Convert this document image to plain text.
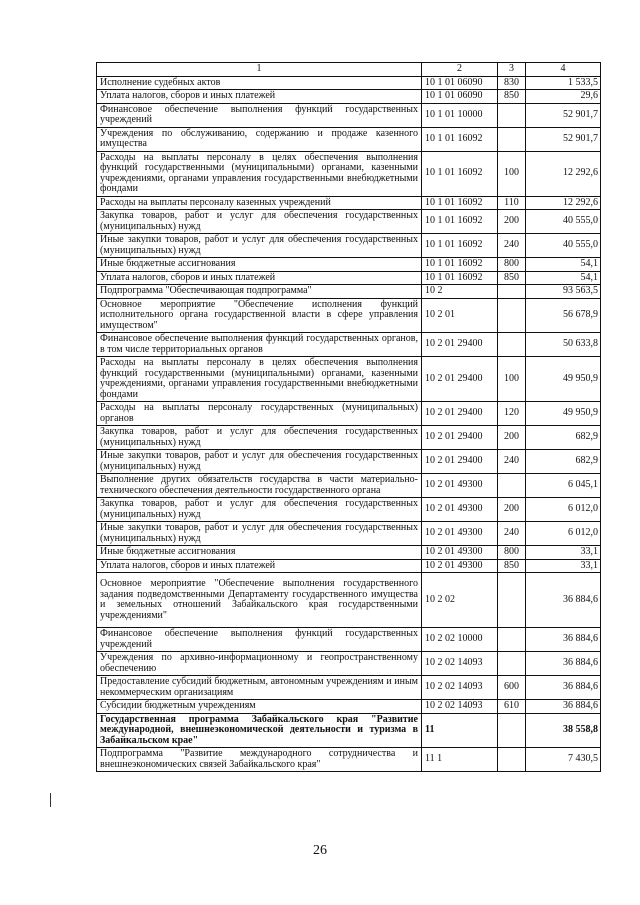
1	2	3	4
Исполнение судебных актов	10 1 01 06090	830	1 533,5
Уплата налогов, сборов и иных платежей	10 1 01 06090	850	29,6
Финансовое обеспечение выполнения функций государственных учреждений	10 1 01 10000		52 901,7
Учреждения по обслуживанию, содержанию и продаже казенного имущества	10 1 01 16092		52 901,7
Расходы на выплаты персоналу в целях обеспечения выполнения функций государственными (муниципальными) органами, казенными учреждениями, органами управления государственными внебюджетными фондами	10 1 01 16092	100	12 292,6
Расходы на выплаты персоналу казенных учреждений	10 1 01 16092	110	12 292,6
Закупка товаров, работ и услуг для обеспечения государственных (муниципальных) нужд	10 1 01 16092	200	40 555,0
Иные закупки товаров, работ и услуг для обеспечения государственных (муниципальных) нужд	10 1 01 16092	240	40 555,0
Иные бюджетные ассигнования	10 1 01 16092	800	54,1
Уплата налогов, сборов и иных платежей	10 1 01 16092	850	54,1
Подпрограмма "Обеспечивающая подпрограмма"	10 2		93 563,5
Основное мероприятие "Обеспечение исполнения функций исполнительного органа государственной власти в сфере управления имуществом"	10 2 01		56 678,9
Финансовое обеспечение выполнения функций государственных органов, в том числе территориальных органов	10 2 01 29400		50 633,8
Расходы на выплаты персоналу в целях обеспечения выполнения функций государственными (муниципальными) органами, казенными учреждениями, органами управления государственными внебюджетными фондами	10 2 01 29400	100	49 950,9
Расходы на выплаты персоналу государственных (муниципальных) органов	10 2 01 29400	120	49 950,9
Закупка товаров, работ и услуг для обеспечения государственных (муниципальных) нужд	10 2 01 29400	200	682,9
Иные закупки товаров, работ и услуг для обеспечения государственных (муниципальных) нужд	10 2 01 29400	240	682,9
Выполнение других обязательств государства в части материально-технического обеспечения деятельности государственного органа	10 2 01 49300		6 045,1
Закупка товаров, работ и услуг для обеспечения государственных (муниципальных) нужд	10 2 01 49300	200	6 012,0
Иные закупки товаров, работ и услуг для обеспечения государственных (муниципальных) нужд	10 2 01 49300	240	6 012,0
Иные бюджетные ассигнования	10 2 01 49300	800	33,1
Уплата налогов, сборов и иных платежей	10 2 01 49300	850	33,1
Основное мероприятие "Обеспечение выполнения государственного задания подведомственными Департаменту государственного имущества и земельных отношений Забайкальского края государственными учреждениями"	10 2 02		36 884,6
Финансовое обеспечение выполнения функций государственных учреждений	10 2 02 10000		36 884,6
Учреждения по архивно-информационному и геопространственному обеспечению	10 2 02 14093		36 884,6
Предоставление субсидий бюджетным, автономным учреждениям и иным некоммерческим организациям	10 2 02 14093	600	36 884,6
Субсидии бюджетным учреждениям	10 2 02 14093	610	36 884,6
Государственная программа Забайкальского края "Развитие международной, внешнеэкономической деятельности и туризма в Забайкальском крае"	11		38 558,8
Подпрограмма "Развитие международного сотрудничества и внешнеэкономических связей Забайкальского края"	11 1		7 430,5
26
